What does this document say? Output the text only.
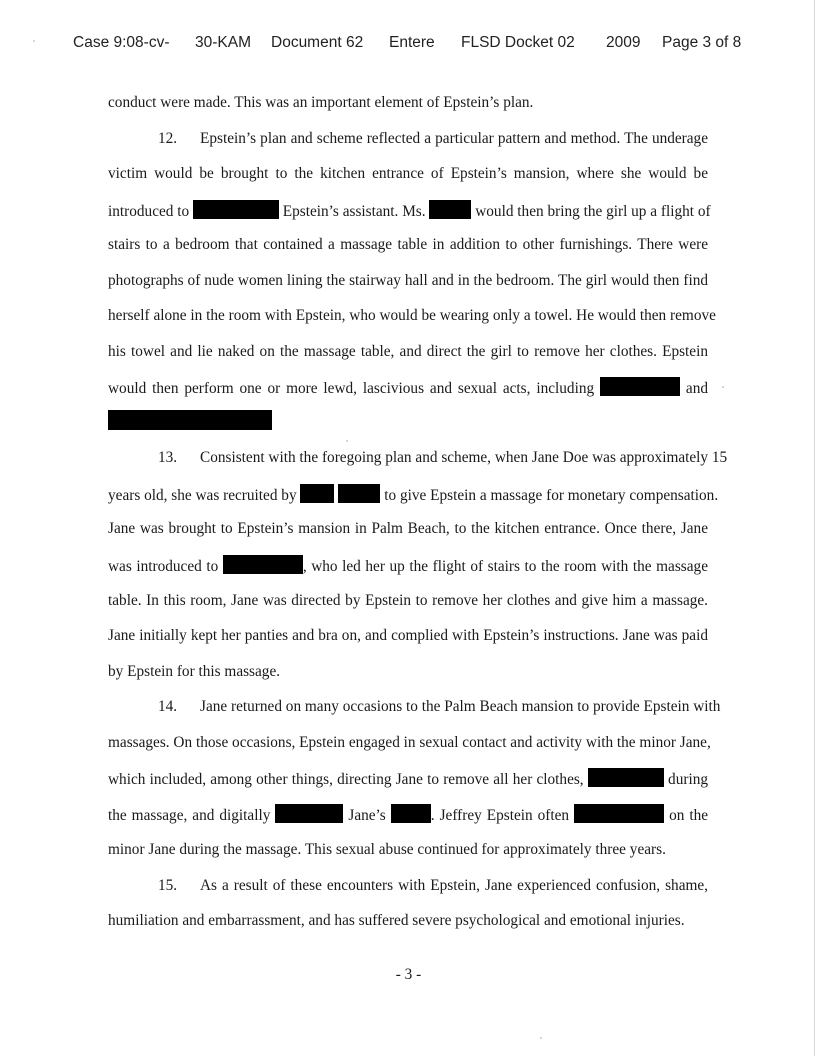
Case 9:08-cv- 30-KAM Document 62 Entere FLSD Docket 02 2009 Page 3 of 8
conduct were made. This was an important element of Epstein’s plan.
12. Epstein’s plan and scheme reflected a particular pattern and method. The underage
victim would be brought to the kitchen entrance of Epstein’s mansion, where she would be
introduced to	Epstein’s assistant. Ms.	would then bring the girl up a flight of
stairs to a bedroom that contained a massage table in addition to other furnishings. There were
photographs of nude women lining the stairway hall and in the bedroom. The girl would then find
herself alone in the room with Epstein, who would be wearing only a towel. He would then remove
his towel and lie naked on the massage table, and direct the girl to remove her clothes. Epstein
would then perform one or more lewd, lascivious and sexual acts, including	and
13. Consistent with the foregoing plan and scheme, when Jane Doe was approximately 15
years old, she was recruited by	to give Epstein a massage for monetary compensation.
Jane was brought to Epstein’s mansion in Palm Beach, to the kitchen entrance. Once there, Jane
was introduced to	, who led her up the flight of stairs to the room with the massage
table. In this room, Jane was directed by Epstein to remove her clothes and give him a massage.
Jane initially kept her panties and bra on, and complied with Epstein’s instructions. Jane was paid
by Epstein for this massage.
14. Jane returned on many occasions to the Palm Beach mansion to provide Epstein with
massages. On those occasions, Epstein engaged in sexual contact and activity with the minor Jane,
which included, among other things, directing Jane to remove all her clothes,	during
the massage, and digitally	Jane’s	. Jeffrey Epstein often	on the
minor Jane during the massage. This sexual abuse continued for approximately three years.
15. As a result of these encounters with Epstein, Jane experienced confusion, shame,
humiliation and embarrassment, and has suffered severe psychological and emotional injuries.
- 3 -
